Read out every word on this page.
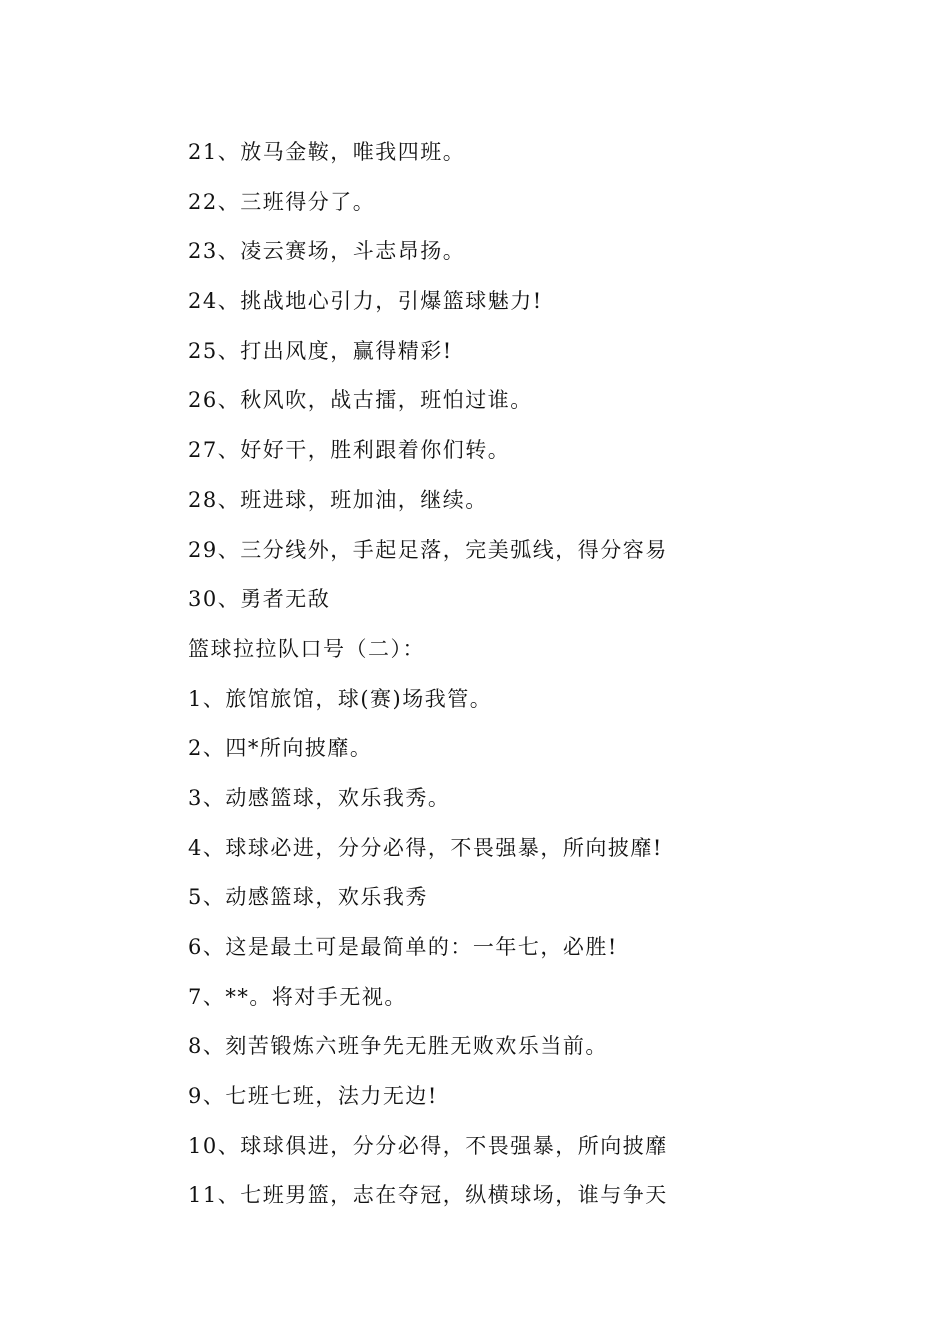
21、放马金鞍，唯我四班。
22、三班得分了。
23、凌云赛场，斗志昂扬。
24、挑战地心引力，引爆篮球魅力!
25、打出风度，赢得精彩!
26、秋风吹，战古擂，班怕过谁。
27、好好干，胜利跟着你们转。
28、班进球，班加油，继续。
29、三分线外，手起足落，完美弧线，得分容易
30、勇者无敌
篮球拉拉队口号（二）：
1、旅馆旅馆，球(赛)场我管。
2、四*所向披靡。
3、动感篮球，欢乐我秀。
4、球球必进，分分必得，不畏强暴，所向披靡!
5、动感篮球，欢乐我秀
6、这是最土可是最简单的：一年七，必胜!
7、**。将对手无视。
8、刻苦锻炼六班争先无胜无败欢乐当前。
9、七班七班，法力无边!
10、球球俱进，分分必得，不畏强暴，所向披靡
11、七班男篮，志在夺冠，纵横球场，谁与争天
